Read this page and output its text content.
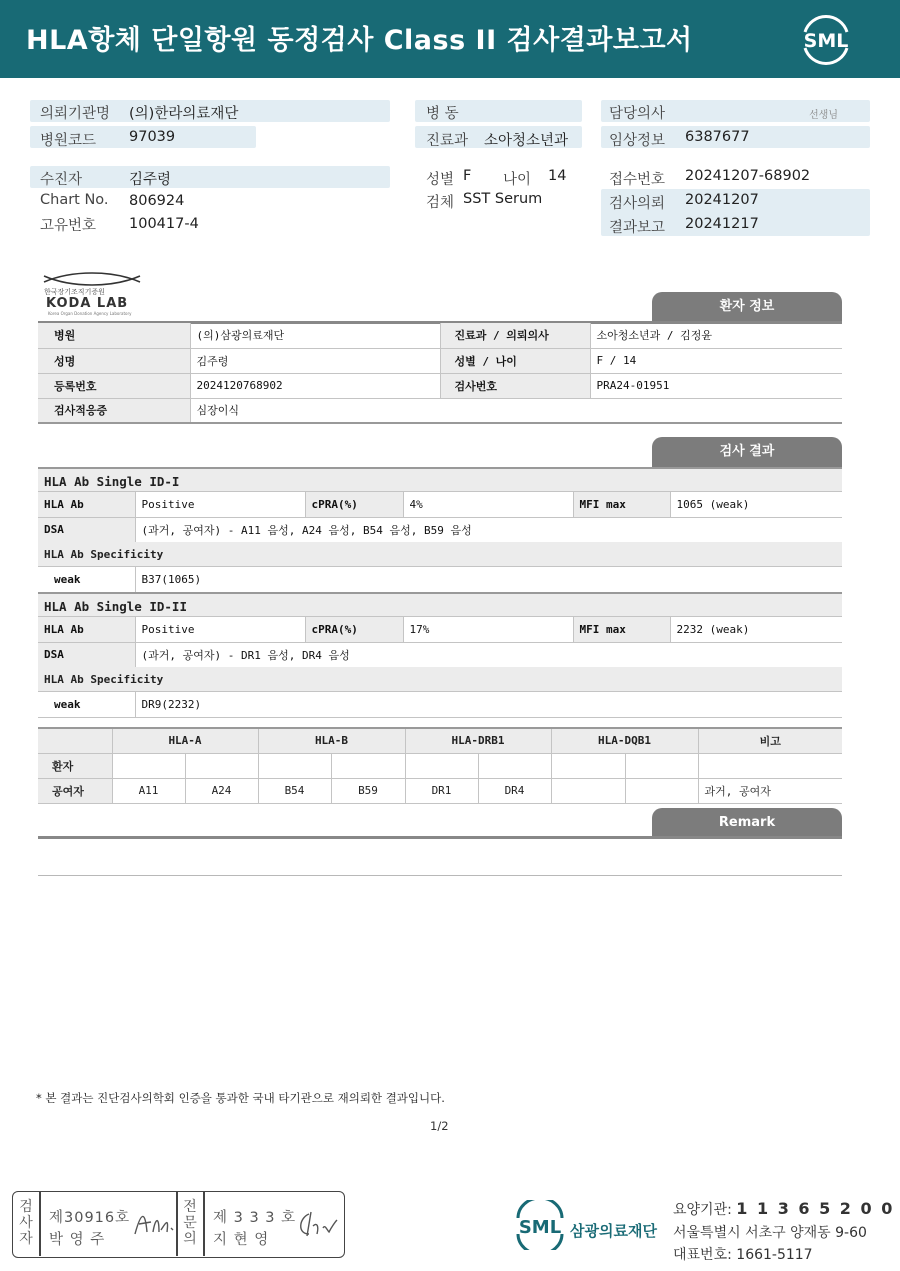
HLA항체 단일항원 동정검사 Class II 검사결과보고서	SML
의뢰기관명 (의)한라의료재단
병원코드 97039
수진자	김주령
Chart No. 806924
고유번호 100417-4
병 동
진료과 소아청소년과
성별 F 나이 14
검체 SST Serum
담당의사	선생님
임상정보 6387677
접수번호 20241207-68902
검사의뢰 20241207
결과보고 20241217
한국장기조직기증원
KODA LAB
Korea Organ Donation Agency Laboratory	환자 정보
병원	(의)삼광의료재단	진료과 / 의뢰의사	소아청소년과 / 김정윤
성명	김주령	성별 / 나이	F / 14
등록번호	2024120768902	검사번호	PRA24-01951
검사적응증	심장이식		
검사 결과
HLA Ab Single ID-I
HLA Ab	Positive	cPRA(%)	4%	MFI max	1065 (weak)
DSA	(과거, 공여자) - A11 음성, A24 음성, B54 음성, B59 음성				
HLA Ab Specificity
weak	B37(1065)
HLA Ab Single ID-II
HLA Ab	Positive	cPRA(%)	17%	MFI max	2232 (weak)
DSA	(과거, 공여자) - DR1 음성, DR4 음성				
HLA Ab Specificity
weak	DR9(2232)
	HLA-A		HLA-B		HLA-DRB1		HLA-DQB1		비고
환자									
공여자	A11	A24	B54	B59	DR1	DR4			과거, 공여자
Remark
* 본 결과는 진단검사의학회 인증을 통과한 국내 타기관으로 재의뢰한 결과입니다.
1/2
검
사
자
제30916호
박 영 주
전
문
의
제 3 3 3 호
지 현 영
SML 삼광의료재단
요양기관: 1 1 3 6 5 2 0 0
서울특별시 서초구 양재동 9-60
대표번호: 1661-5117
